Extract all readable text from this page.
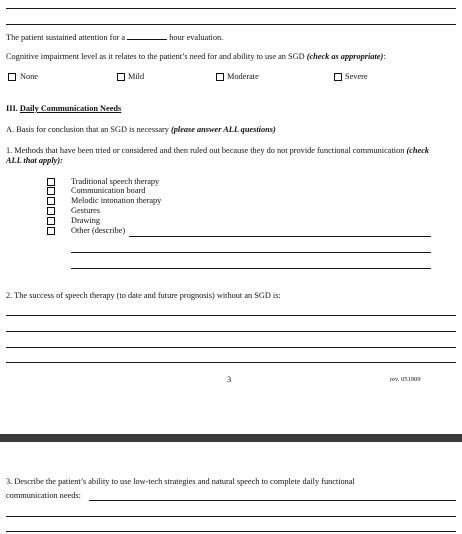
The patient sustained attention for a	hour evaluation.
Cognitive impairment level as it relates to the patient’s need for and ability to use an SGD (check as appropriate):
None	Mild	Moderate	Severe
III. Daily Communication Needs
A. Basis for conclusion that an SGD is necessary (please answer ALL questions)
1. Methods that have been tried or considered and then ruled out because they do not provide functional communication (check
ALL that apply):
Traditional speech therapy
Communication board
Melodic intonation therapy
Gestures
Drawing
Other (describe)
2. The success of speech therapy (to date and future prognosis) without an SGD is:
3	rev. 051909
3. Describe the patient’s ability to use low-tech strategies and natural speech to complete daily functional
communication needs:
